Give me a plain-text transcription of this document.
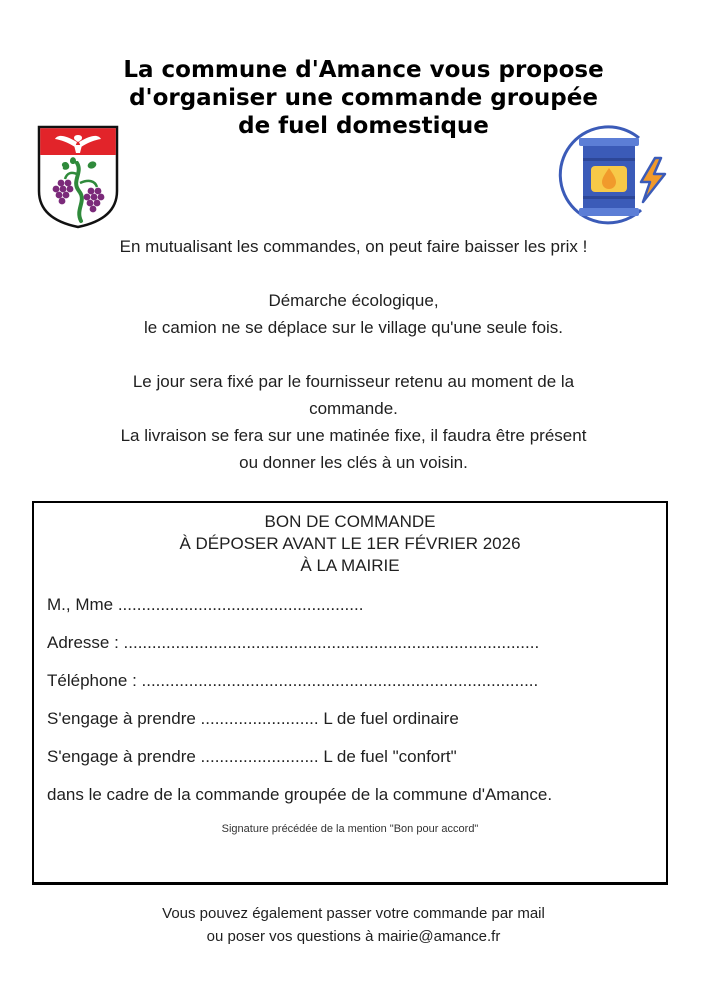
La commune d'Amance vous propose
d'organiser une commande groupée
de fuel domestique

En mutualisant les commandes, on peut faire baisser les prix !

Démarche écologique,

le camion ne se déplace sur le village qu'une seule fois.

Le jour sera fixé par le fournisseur retenu au moment de la

commande.

La livraison se fera sur une matinée fixe, il faudra être présent

ou donner les clés à un voisin.

BON DE COMMANDE
À DÉPOSER AVANT LE 1ER FÉVRIER 2026
À LA MAIRIE
M., Mme ....................................................
Adresse : ........................................................................................
Téléphone : ....................................................................................
S'engage à prendre ......................... L de fuel ordinaire
S'engage à prendre ......................... L de fuel "confort"
dans le cadre de la commande groupée de la commune d'Amance.
Signature précédée de la mention "Bon pour accord"
Vous pouvez également passer votre commande par mail
ou poser vos questions à mairie@amance.fr
